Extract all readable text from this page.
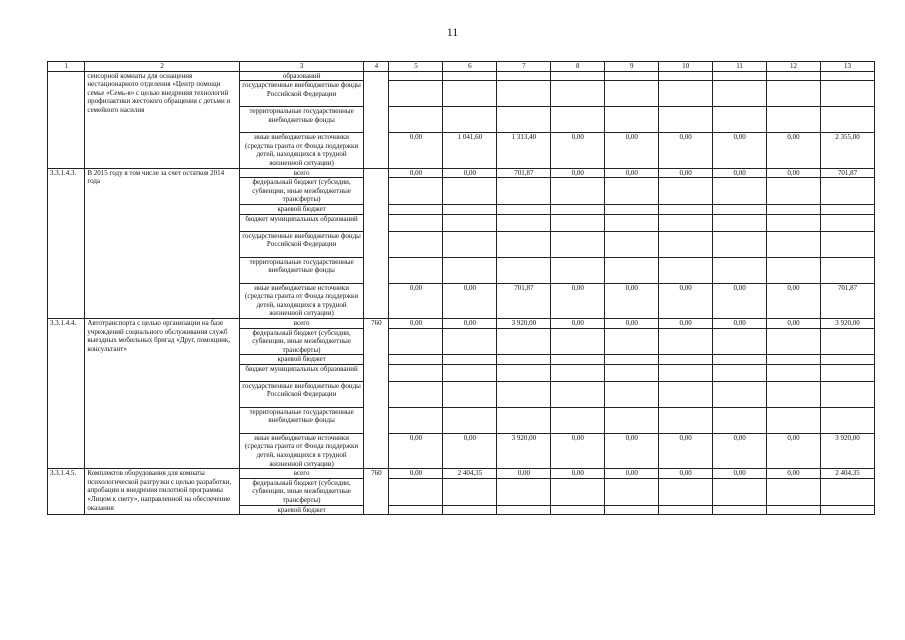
11
1	2	3	4	5	6	7	8	9	10	11	12	13
	сенсорной комнаты для оснащения нестационарного отделения «Центр помощи семье «Семь-я» с целью внедрения технологий профилактики жестокого обращения с детьми и семейного насилия	образований										
		государственные внебюджетные фонды Российской Федерации										
		территориальные государственные внебюджетные фонды										
		иные внебюджетные источники (средства гранта от Фонда поддержки детей, находящихся в трудной жизненной ситуации)		0,00	1 041,60	1 313,40	0,00	0,00	0,00	0,00	0,00	2 355,00
3.3.1.4.3.	В 2015 году в том числе за счет остатков 2014 года	всего		0,00	0,00	701,87	0,00	0,00	0,00	0,00	0,00	701,87
		федеральный бюджет (субсидии, субвенции, иные межбюджетные трансферты)										
		краевой бюджет										
		бюджет муниципальных образований										
		государственные внебюджетные фонды Российской Федерации										
		территориальные государственные внебюджетные фонды										
		иные внебюджетные источники (средства гранта от Фонда поддержки детей, находящихся в трудной жизненной ситуации)		0,00	0,00	701,87	0,00	0,00	0,00	0,00	0,00	701,87
3.3.1.4.4.	Автотранспорта с целью организации на базе учреждений социального обслуживания служб выездных мобильных бригад «Друг, помощник, консультант»	всего	760	0,00	0,00	3 920,00	0,00	0,00	0,00	0,00	0,00	3 920,00
		федеральный бюджет (субсидии, субвенции, иные межбюджетные трансферты)										
		краевой бюджет										
		бюджет муниципальных образований										
		государственные внебюджетные фонды Российской Федерации										
		территориальные государственные внебюджетные фонды										
		иные внебюджетные источники (средства гранта от Фонда поддержки детей, находящихся в трудной жизненной ситуации)		0,00	0,00	3 920,00	0,00	0,00	0,00	0,00	0,00	3 920,00
3.3.1.4.5.	Комплектов оборудования для комнаты психологической разгрузки с целью разработки, апробации и внедрения пилотной программы «Лицом к свету», направленной на обеспечение оказания	всего	760	0,00	2 404,35	0,00	0,00	0,00	0,00	0,00	0,00	2 404,35
		федеральный бюджет (субсидии, субвенции, иные межбюджетные трансферты)										
		краевой бюджет										
